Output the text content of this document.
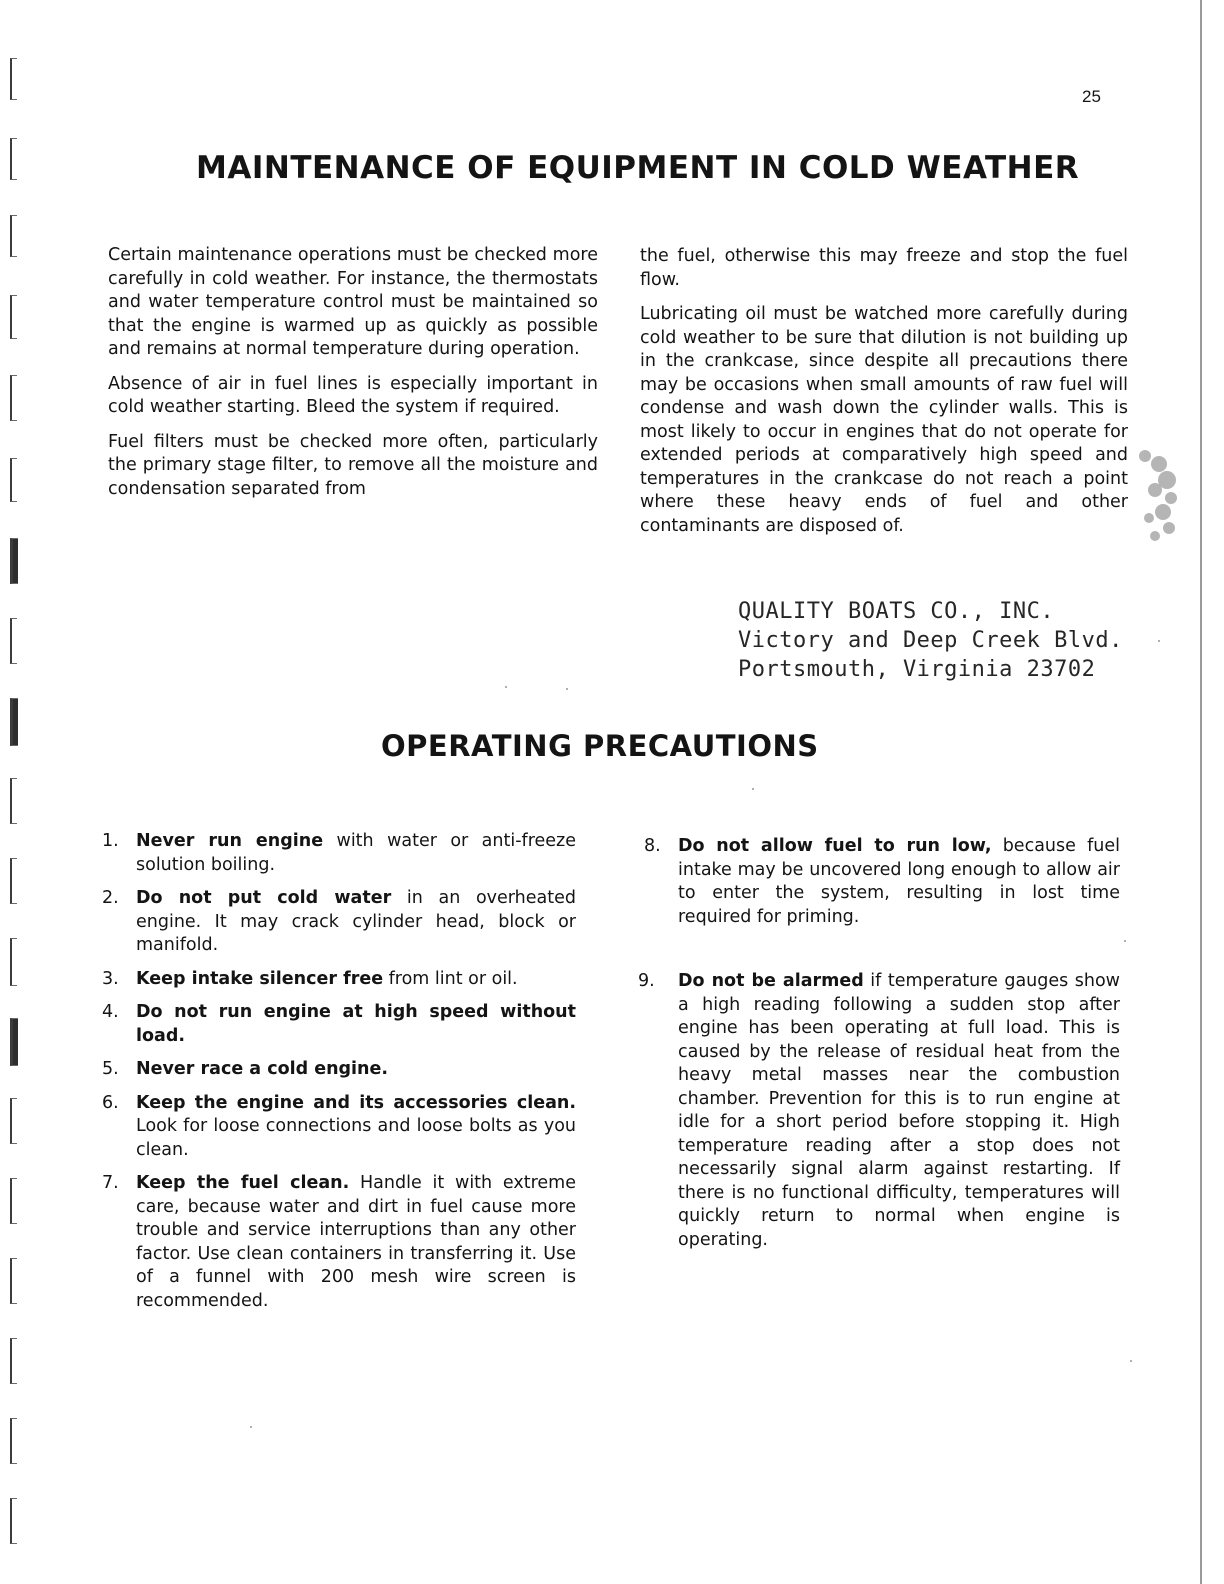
25
MAINTENANCE OF EQUIPMENT IN COLD WEATHER

Certain maintenance operations must be checked more carefully in cold weather. For instance, the thermostats and water temperature control must be maintained so that the engine is warmed up as quickly as possible and remains at normal temperature during operation.

Absence of air in fuel lines is especially important in cold weather starting. Bleed the system if required.

Fuel filters must be checked more often, particularly the primary stage filter, to remove all the moisture and condensation separated from

the fuel, otherwise this may freeze and stop the fuel flow.

Lubricating oil must be watched more carefully during cold weather to be sure that dilution is not building up in the crankcase, since despite all precautions there may be occasions when small amounts of raw fuel will condense and wash down the cylinder walls. This is most likely to occur in engines that do not operate for extended periods at comparatively high speed and temperatures in the crankcase do not reach a point where these heavy ends of fuel and other contaminants are disposed of.

QUALITY BOATS CO., INC.
Victory and Deep Creek Blvd.
Portsmouth, Virginia 23702
OPERATING PRECAUTIONS
1. Never run engine with water or anti-freeze solution boiling.
2. Do not put cold water in an overheated engine. It may crack cylinder head, block or manifold.
3. Keep intake silencer free from lint or oil.
4. Do not run engine at high speed without load.
5. Never race a cold engine.
6. Keep the engine and its accessories clean. Look for loose connections and loose bolts as you clean.
7. Keep the fuel clean. Handle it with extreme care, because water and dirt in fuel cause more trouble and service interruptions than any other factor. Use clean containers in transferring it. Use of a funnel with 200 mesh wire screen is recommended.
8. Do not allow fuel to run low, because fuel intake may be uncovered long enough to allow air to enter the system, resulting in lost time required for priming.
9. Do not be alarmed if temperature gauges show a high reading following a sudden stop after engine has been operating at full load. This is caused by the release of residual heat from the heavy metal masses near the combustion chamber. Prevention for this is to run engine at idle for a short period before stopping it. High temperature reading after a stop does not necessarily signal alarm against restarting. If there is no functional difficulty, temperatures will quickly return to normal when engine is operating.
